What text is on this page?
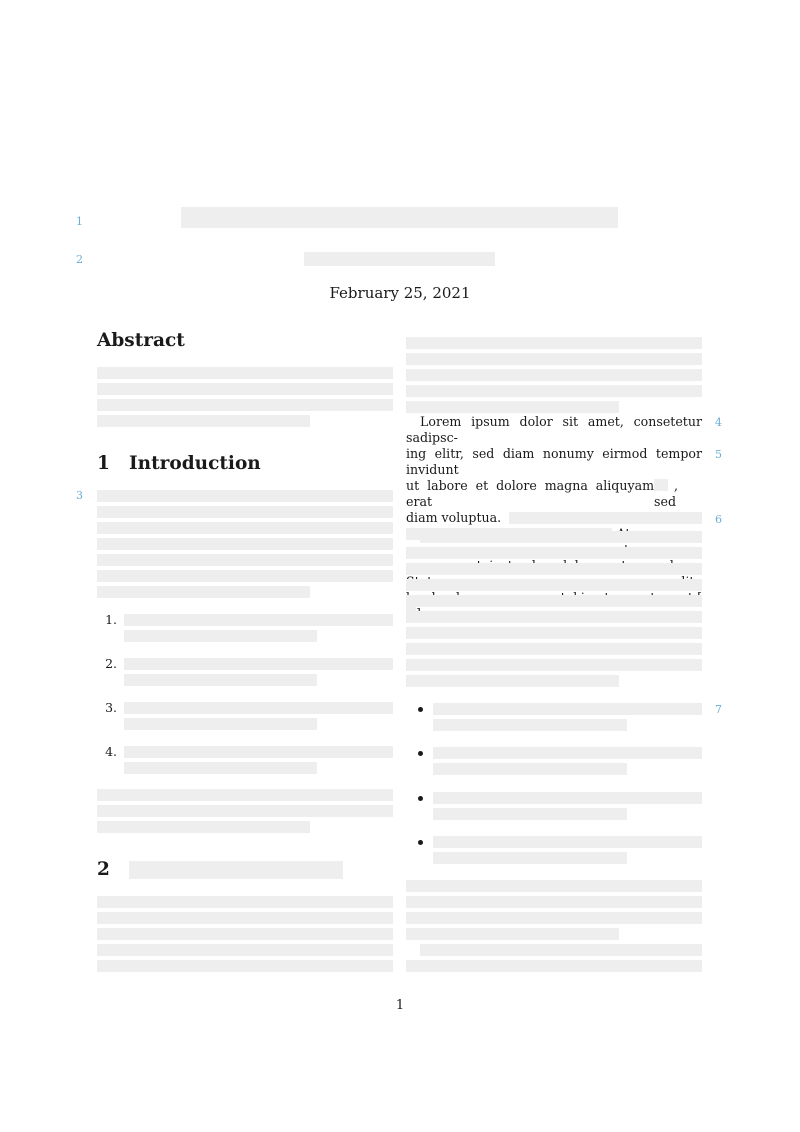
1
2
3
4
5
6
7
February 25, 2021
Abstract
1 Introduction
1.
2.
3.
4.
2
Lorem ipsum dolor sit amet, consetetur sadipsc-
ing elitr, sed diam nonumy eirmod tempor invidunt
ut labore et dolore magna aliquyam erat
, sed
diam voluptua.
1
